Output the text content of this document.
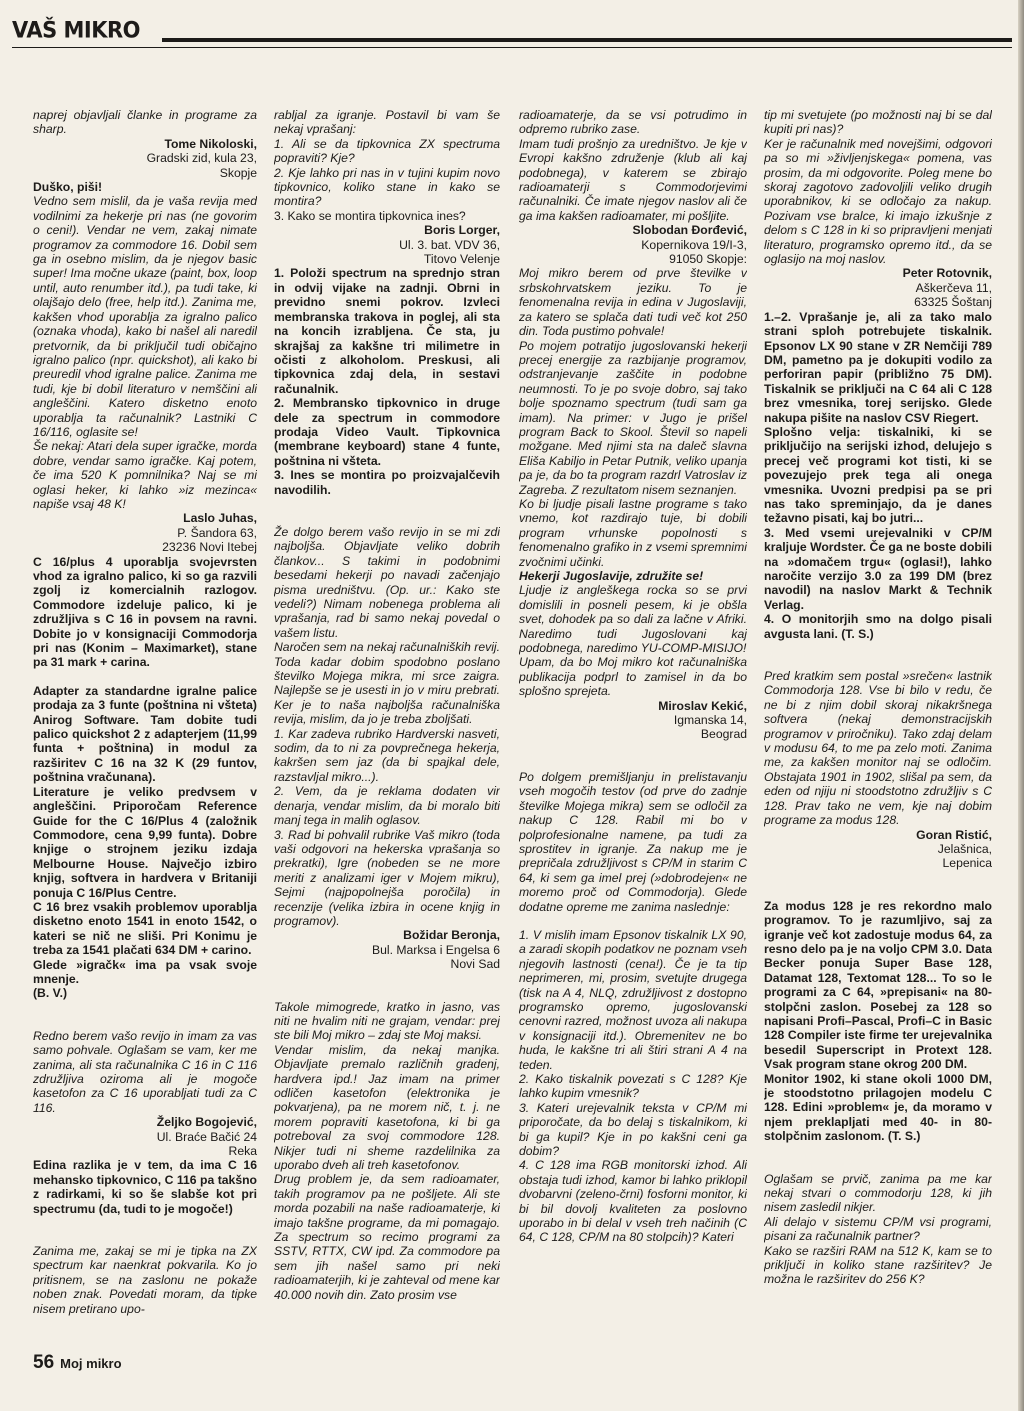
VAŠ MIKRO

naprej objavljali članke in programe za sharp.

Tome Nikoloski,

Gradski zid, kula 23,

Skopje

Duško, piši!

Vedno sem mislil, da je vaša revija med vodilnimi za hekerje pri nas (ne govorim o ceni!). Vendar ne vem, zakaj nimate programov za commodore 16. Dobil sem ga in osebno mislim, da je njegov basic super! Ima močne ukaze (paint, box, loop until, auto renumber itd.), pa tudi take, ki olajšajo delo (free, help itd.). Zanima me, kakšen vhod uporablja za igralno palico (oznaka vhoda), kako bi našel ali naredil pretvornik, da bi priključil tudi običajno igralno palico (npr. quickshot), ali kako bi preuredil vhod igralne palice. Zanima me tudi, kje bi dobil literaturo v nemščini ali angleščini. Katero disketno enoto uporablja ta računalnik? Lastniki C 16/116, oglasite se!

Še nekaj: Atari dela super igračke, morda dobre, vendar samo igračke. Kaj potem, če ima 520 K pomnilnika? Naj se mi oglasi heker, ki lahko »iz mezinca« napiše vsaj 48 K!

Laslo Juhas,

P. Šandora 63,

23236 Novi Itebej

C 16/plus 4 uporablja svojevrsten vhod za igralno palico, ki so ga razvili zgolj iz komercialnih razlogov. Commodore izdeluje palico, ki je združljiva s C 16 in povsem na ravni. Dobite jo v konsignaciji Commodorja pri nas (Konim – Maximarket), stane pa 31 mark + carina.

Adapter za standardne igralne palice prodaja za 3 funte (poštnina ni všteta) Anirog Software. Tam dobite tudi palico quickshot 2 z adapterjem (11,99 funta + poštnina) in modul za razširitev C 16 na 32 K (29 funtov, poštnina vračunana).

Literature je veliko predvsem v angleščini. Priporočam Reference Guide for the C 16/Plus 4 (založnik Commodore, cena 9,99 funta). Dobre knjige o strojnem jeziku izdaja Melbourne House. Največjo izbiro knjig, softvera in hardvera v Britaniji ponuja C 16/Plus Centre.

C 16 brez vsakih problemov uporablja disketno enoto 1541 in enoto 1542, o kateri se nič ne sliši. Pri Konimu je treba za 1541 plačati 634 DM + carino.

Glede »igračk« ima pa vsak svoje mnenje.

(B. V.)

Redno berem vašo revijo in imam za vas samo pohvale. Oglašam se vam, ker me zanima, ali sta računalnika C 16 in C 116 združljiva oziroma ali je mogoče kasetofon za C 16 uporabljati tudi za C 116.

Željko Bogojević,

Ul. Braće Bačić 24

Reka

Edina razlika je v tem, da ima C 16 mehansko tipkovnico, C 116 pa takšno z radirkami, ki so še slabše kot pri spectrumu (da, tudi to je mogoče!)

Zanima me, zakaj se mi je tipka na ZX spectrum kar naenkrat pokvarila. Ko jo pritisnem, se na zaslonu ne pokaže noben znak. Povedati moram, da tipke nisem pretirano upo-

rabljal za igranje. Postavil bi vam še nekaj vprašanj:

1. Ali se da tipkovnica ZX spectruma popraviti? Kje?

2. Kje lahko pri nas in v tujini kupim novo tipkovnico, koliko stane in kako se montira?

3. Kako se montira tipkovnica ines?

Boris Lorger,

Ul. 3. bat. VDV 36,

Titovo Velenje

1. Položi spectrum na sprednjo stran in odvij vijake na zadnji. Obrni in previdno snemi pokrov. Izvleci membranska trakova in poglej, ali sta na koncih izrabljena. Če sta, ju skrajšaj za kakšne tri milimetre in očisti z alkoholom. Preskusi, ali tipkovnica zdaj dela, in sestavi računalnik.

2. Membransko tipkovnico in druge dele za spectrum in commodore prodaja Video Vault. Tipkovnica (membrane keyboard) stane 4 funte, poštnina ni všteta.

3. Ines se montira po proizvajalčevih navodilih.

Že dolgo berem vašo revijo in se mi zdi najboljša. Objavljate veliko dobrih člankov... S takimi in podobnimi besedami hekerji po navadi začenjajo pisma uredništvu. (Op. ur.: Kako ste vedeli?) Nimam nobenega problema ali vprašanja, rad bi samo nekaj povedal o vašem listu.

Naročen sem na nekaj računalniških revij. Toda kadar dobim spodobno poslano številko Mojega mikra, mi srce zaigra. Najlepše se je usesti in jo v miru prebrati. Ker je to naša najboljša računalniška revija, mislim, da jo je treba zboljšati.

1. Kar zadeva rubriko Hardverski nasveti, sodim, da to ni za povprečnega hekerja, kakršen sem jaz (da bi spajkal dele, razstavljal mikro...).

2. Vem, da je reklama dodaten vir denarja, vendar mislim, da bi moralo biti manj tega in malih oglasov.

3. Rad bi pohvalil rubrike Vaš mikro (toda vaši odgovori na hekerska vprašanja so prekratki), Igre (nobeden se ne more meriti z analizami iger v Mojem mikru), Sejmi (najpopolnejša poročila) in recenzije (velika izbira in ocene knjig in programov).

Božidar Beronja,

Bul. Marksa i Engelsa 6

Novi Sad

Takole mimogrede, kratko in jasno, vas niti ne hvalim niti ne grajam, vendar: prej ste bili Moj mikro – zdaj ste Moj maksi.

Vendar mislim, da nekaj manjka. Objavljate premalo različnih gradenj, hardvera ipd.! Jaz imam na primer odličen kasetofon (elektronika je pokvarjena), pa ne morem nič, t. j. ne morem popraviti kasetofona, ki bi ga potreboval za svoj commodore 128. Nikjer tudi ni sheme razdelilnika za uporabo dveh ali treh kasetofonov.

Drug problem je, da sem radioamater, takih programov pa ne pošljete. Ali ste morda pozabili na naše radioamaterje, ki imajo takšne programe, da mi pomagajo. Za spectrum so recimo programi za SSTV, RTTX, CW ipd. Za commodore pa sem jih našel samo pri neki radioamaterjih, ki je zahteval od mene kar 40.000 novih din. Zato prosim vse

radioamaterje, da se vsi potrudimo in odpremo rubriko zase.

Imam tudi prošnjo za uredništvo. Je kje v Evropi kakšno združenje (klub ali kaj podobnega), v katerem se zbirajo radioamaterji s Commodorjevimi računalniki. Če imate njegov naslov ali če ga ima kakšen radioamater, mi pošljite.

Slobodan Đorđević,

Kopernikova 19/I-3,

91050 Skopje:

Moj mikro berem od prve številke v srbskohrvatskem jeziku. To je fenomenalna revija in edina v Jugoslaviji, za katero se splača dati tudi več kot 250 din. Toda pustimo pohvale!

Po mojem potratijo jugoslovanski hekerji precej energije za razbijanje programov, odstranjevanje zaščite in podobne neumnosti. To je po svoje dobro, saj tako bolje spoznamo spectrum (tudi sam ga imam). Na primer: v Jugo je prišel program Back to Skool. Števil so napeli možgane. Med njimi sta na daleč slavna Eliša Kabiljo in Petar Putnik, veliko upanja pa je, da bo ta program razdrl Vatroslav iz Zagreba. Z rezultatom nisem seznanjen.

Ko bi ljudje pisali lastne programe s tako vnemo, kot razdirajo tuje, bi dobili program vrhunske popolnosti s fenomenalno grafiko in z vsemi spremnimi zvočnimi učinki.

Hekerji Jugoslavije, združite se!

Ljudje iz angleškega rocka so se prvi domislili in posneli pesem, ki je obšla svet, dohodek pa so dali za lačne v Afriki. Naredimo tudi Jugoslovani kaj podobnega, naredimo YU-COMP-MISIJO!

Upam, da bo Moj mikro kot računalniška publikacija podprl to zamisel in da bo splošno sprejeta.

Miroslav Kekić,

Igmanska 14,

Beograd

Po dolgem premišljanju in prelistavanju vseh mogočih testov (od prve do zadnje številke Mojega mikra) sem se odločil za nakup C 128. Rabil mi bo v polprofesionalne namene, pa tudi za sprostitev in igranje. Za nakup me je prepričala združljivost s CP/M in starim C 64, ki sem ga imel prej (»dobrodejen« ne moremo proč od Commodorja). Glede dodatne opreme me zanima naslednje:

1. V mislih imam Epsonov tiskalnik LX 90, a zaradi skopih podatkov ne poznam vseh njegovih lastnosti (cena!). Če je ta tip neprimeren, mi, prosim, svetujte drugega (tisk na A 4, NLQ, združljivost z dostopno programsko opremo, jugoslovanski cenovni razred, možnost uvoza ali nakupa v konsignaciji itd.). Obremenitev ne bo huda, le kakšne tri ali štiri strani A 4 na teden.

2. Kako tiskalnik povezati s C 128? Kje lahko kupim vmesnik?

3. Kateri urejevalnik teksta v CP/M mi priporočate, da bo delaj s tiskalnikom, ki bi ga kupil? Kje in po kakšni ceni ga dobim?

4. C 128 ima RGB monitorski izhod. Ali obstaja tudi izhod, kamor bi lahko priklopil dvobarvni (zeleno-črni) fosforni monitor, ki bi bil dovolj kvaliteten za poslovno uporabo in bi delal v vseh treh načinih (C 64, C 128, CP/M na 80 stolpcih)? Kateri

tip mi svetujete (po možnosti naj bi se dal kupiti pri nas)?

Ker je računalnik med novejšimi, odgovori pa so mi »življenjskega« pomena, vas prosim, da mi odgovorite. Poleg mene bo skoraj zagotovo zadovoljili veliko drugih uporabnikov, ki se odločajo za nakup. Pozivam vse bralce, ki imajo izkušnje z delom s C 128 in ki so pripravljeni menjati literaturo, programsko opremo itd., da se oglasijo na moj naslov.

Peter Rotovnik,

Aškerčeva 11,

63325 Šoštanj

1.–2. Vprašanje je, ali za tako malo strani sploh potrebujete tiskalnik. Epsonov LX 90 stane v ZR Nemčiji 789 DM, pametno pa je dokupiti vodilo za perforiran papir (približno 75 DM). Tiskalnik se priključi na C 64 ali C 128 brez vmesnika, torej serijsko. Glede nakupa pišite na naslov CSV Riegert.

Splošno velja: tiskalniki, ki se priključijo na serijski izhod, delujejo s precej več programi kot tisti, ki se povezujejo prek tega ali onega vmesnika. Uvozni predpisi pa se pri nas tako spreminjajo, da je danes težavno pisati, kaj bo jutri...

3. Med vsemi urejevalniki v CP/M kraljuje Wordster. Če ga ne boste dobili na »domačem trgu« (oglasi!), lahko naročite verzijo 3.0 za 199 DM (brez navodil) na naslov Markt & Technik Verlag.

4. O monitorjih smo na dolgo pisali avgusta lani. (T. S.)

Pred kratkim sem postal »srečen« lastnik Commodorja 128. Vse bi bilo v redu, če ne bi z njim dobil skoraj nikakršnega softvera (nekaj demonstracijskih programov v priročniku). Tako zdaj delam v modusu 64, to me pa zelo moti. Zanima me, za kakšen monitor naj se odločim. Obstajata 1901 in 1902, slišal pa sem, da eden od njiju ni stoodstotno združljiv s C 128. Prav tako ne vem, kje naj dobim programe za modus 128.

Goran Ristić,

Jelašnica,

Lepenica

Za modus 128 je res rekordno malo programov. To je razumljivo, saj za igranje več kot zadostuje modus 64, za resno delo pa je na voljo CPM 3.0. Data Becker ponuja Super Base 128, Datamat 128, Textomat 128... To so le programi za C 64, »prepisani« na 80-stolpčni zaslon. Posebej za 128 so napisani Profi–Pascal, Profi–C in Basic 128 Compiler iste firme ter urejevalnika besedil Superscript in Protext 128. Vsak program stane okrog 200 DM.

Monitor 1902, ki stane okoli 1000 DM, je stoodstotno prilagojen modelu C 128. Edini »problem« je, da moramo v njem preklapljati med 40- in 80-stolpčnim zaslonom. (T. S.)

Oglašam se prvič, zanima pa me kar nekaj stvari o commodorju 128, ki jih nisem zasledil nikjer.

Ali delajo v sistemu CP/M vsi programi, pisani za računalnik partner?

Kako se razširi RAM na 512 K, kam se to priključi in koliko stane razširitev? Je možna le razširitev do 256 K?

56 Moj mikro
